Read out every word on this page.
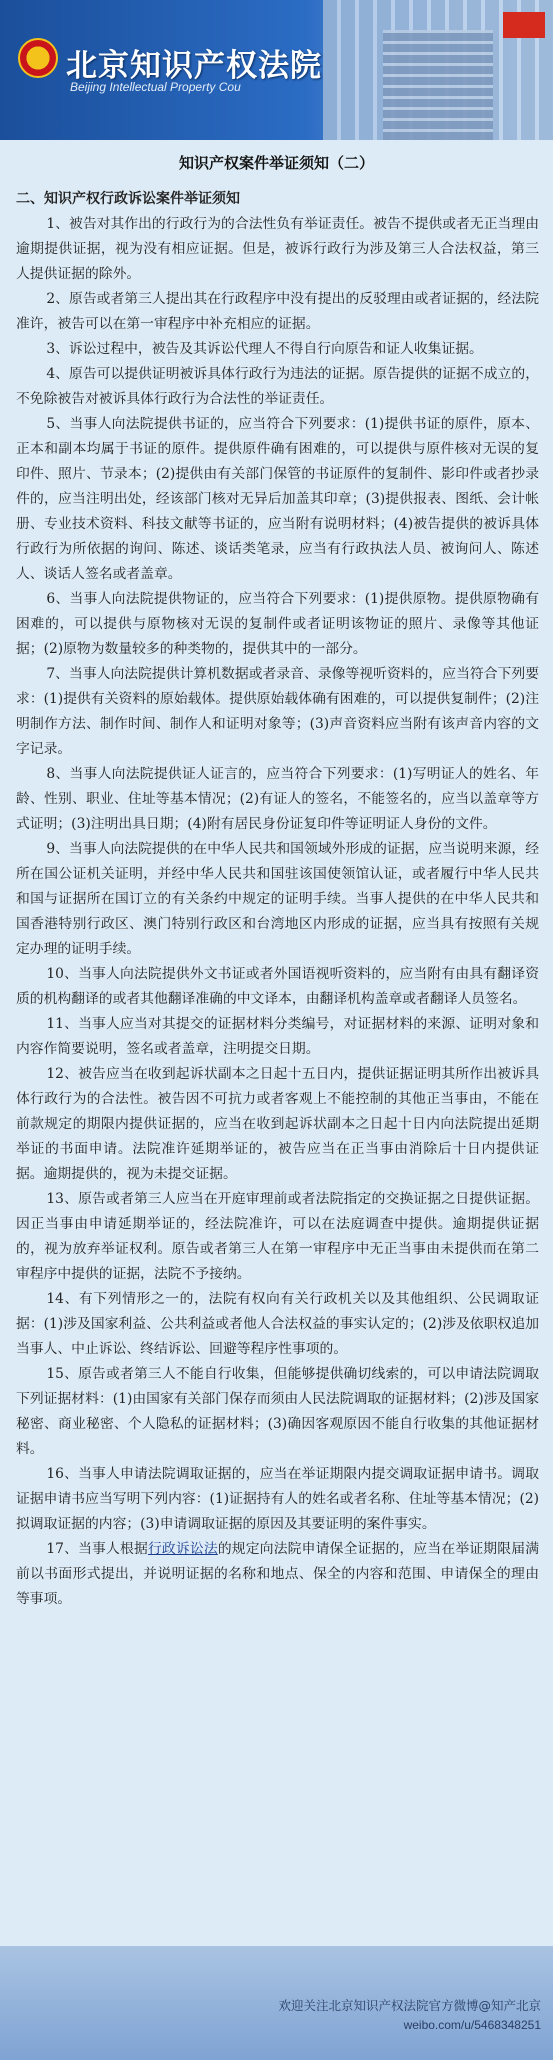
北京知识产权法院
Beijing Intellectual Property Cou
知识产权案件举证须知（二）

二、知识产权行政诉讼案件举证须知

1、被告对其作出的行政行为的合法性负有举证责任。被告不提供或者无正当理由逾期提供证据，视为没有相应证据。但是，被诉行政行为涉及第三人合法权益，第三人提供证据的除外。

2、原告或者第三人提出其在行政程序中没有提出的反驳理由或者证据的，经法院准许，被告可以在第一审程序中补充相应的证据。

3、诉讼过程中，被告及其诉讼代理人不得自行向原告和证人收集证据。

4、原告可以提供证明被诉具体行政行为违法的证据。原告提供的证据不成立的，不免除被告对被诉具体行政行为合法性的举证责任。

5、当事人向法院提供书证的，应当符合下列要求：(1)提供书证的原件，原本、正本和副本均属于书证的原件。提供原件确有困难的，可以提供与原件核对无误的复印件、照片、节录本；(2)提供由有关部门保管的书证原件的复制件、影印件或者抄录件的，应当注明出处，经该部门核对无异后加盖其印章；(3)提供报表、图纸、会计帐册、专业技术资料、科技文献等书证的，应当附有说明材料；(4)被告提供的被诉具体行政行为所依据的询问、陈述、谈话类笔录，应当有行政执法人员、被询问人、陈述人、谈话人签名或者盖章。

6、当事人向法院提供物证的，应当符合下列要求：(1)提供原物。提供原物确有困难的，可以提供与原物核对无误的复制件或者证明该物证的照片、录像等其他证据；(2)原物为数量较多的种类物的，提供其中的一部分。

7、当事人向法院提供计算机数据或者录音、录像等视听资料的，应当符合下列要求：(1)提供有关资料的原始载体。提供原始载体确有困难的，可以提供复制件；(2)注明制作方法、制作时间、制作人和证明对象等；(3)声音资料应当附有该声音内容的文字记录。

8、当事人向法院提供证人证言的，应当符合下列要求：(1)写明证人的姓名、年龄、性别、职业、住址等基本情况；(2)有证人的签名，不能签名的，应当以盖章等方式证明；(3)注明出具日期；(4)附有居民身份证复印件等证明证人身份的文件。

9、当事人向法院提供的在中华人民共和国领域外形成的证据，应当说明来源，经所在国公证机关证明，并经中华人民共和国驻该国使领馆认证，或者履行中华人民共和国与证据所在国订立的有关条约中规定的证明手续。当事人提供的在中华人民共和国香港特别行政区、澳门特别行政区和台湾地区内形成的证据，应当具有按照有关规定办理的证明手续。

10、当事人向法院提供外文书证或者外国语视听资料的，应当附有由具有翻译资质的机构翻译的或者其他翻译准确的中文译本，由翻译机构盖章或者翻译人员签名。

11、当事人应当对其提交的证据材料分类编号，对证据材料的来源、证明对象和内容作简要说明，签名或者盖章，注明提交日期。

12、被告应当在收到起诉状副本之日起十五日内，提供证据证明其所作出被诉具体行政行为的合法性。被告因不可抗力或者客观上不能控制的其他正当事由，不能在前款规定的期限内提供证据的，应当在收到起诉状副本之日起十日内向法院提出延期举证的书面申请。法院准许延期举证的，被告应当在正当事由消除后十日内提供证据。逾期提供的，视为未提交证据。

13、原告或者第三人应当在开庭审理前或者法院指定的交换证据之日提供证据。因正当事由申请延期举证的，经法院准许，可以在法庭调查中提供。逾期提供证据的，视为放弃举证权利。原告或者第三人在第一审程序中无正当事由未提供而在第二审程序中提供的证据，法院不予接纳。

14、有下列情形之一的，法院有权向有关行政机关以及其他组织、公民调取证据：(1)涉及国家利益、公共利益或者他人合法权益的事实认定的；(2)涉及依职权追加当事人、中止诉讼、终结诉讼、回避等程序性事项的。

15、原告或者第三人不能自行收集，但能够提供确切线索的，可以申请法院调取下列证据材料：(1)由国家有关部门保存而须由人民法院调取的证据材料；(2)涉及国家秘密、商业秘密、个人隐私的证据材料；(3)确因客观原因不能自行收集的其他证据材料。

16、当事人申请法院调取证据的，应当在举证期限内提交调取证据申请书。调取证据申请书应当写明下列内容：(1)证据持有人的姓名或者名称、住址等基本情况；(2)拟调取证据的内容；(3)申请调取证据的原因及其要证明的案件事实。

17、当事人根据行政诉讼法的规定向法院申请保全证据的，应当在举证期限届满前以书面形式提出，并说明证据的名称和地点、保全的内容和范围、申请保全的理由等事项。

欢迎关注北京知识产权法院官方微博@知产北京
weibo.com/u/5468348251
